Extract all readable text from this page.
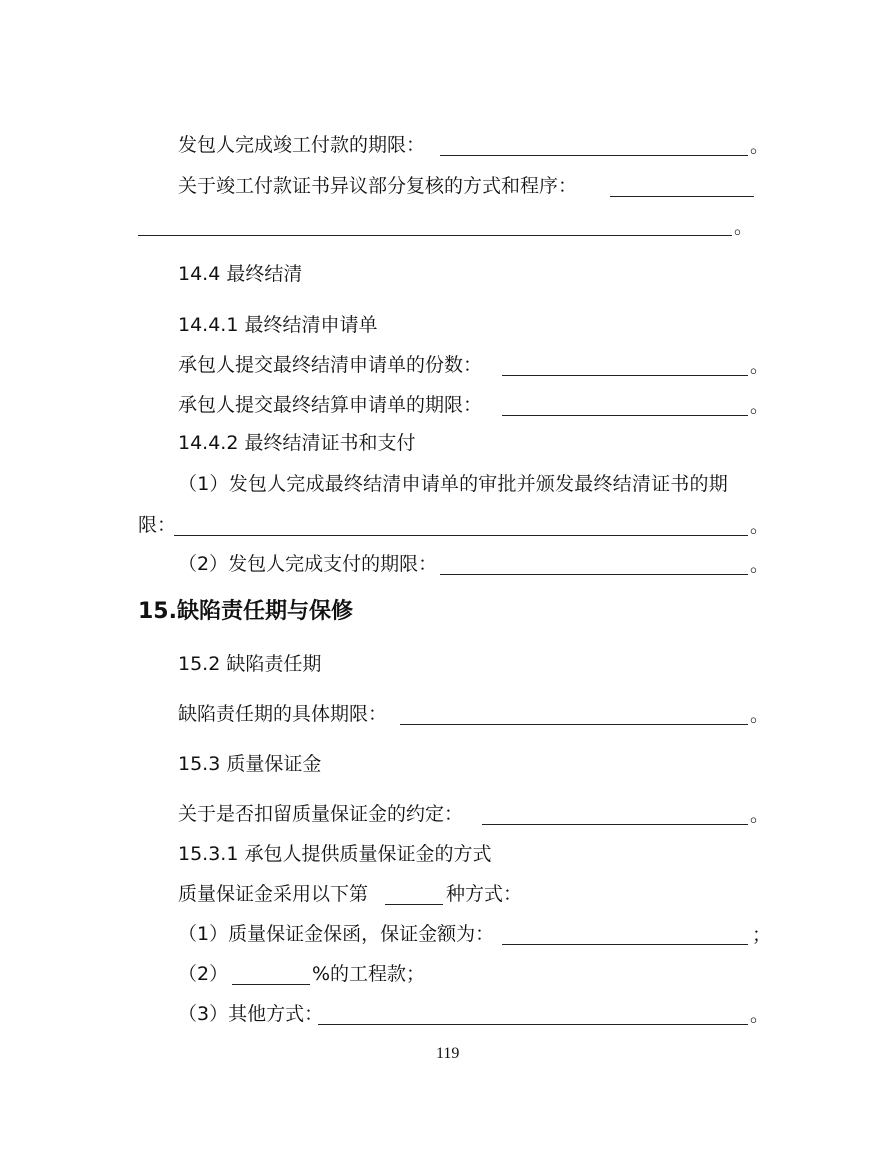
发包人完成竣工付款的期限：	。
关于竣工付款证书异议部分复核的方式和程序：
。
14.4 最终结清
14.4.1 最终结清申请单
承包人提交最终结清申请单的份数：	。
承包人提交最终结算申请单的期限：	。
14.4.2 最终结清证书和支付
（1）发包人完成最终结清申请单的审批并颁发最终结清证书的期
限：	。
（2）发包人完成支付的期限：	。
15.缺陷责任期与保修
15.2 缺陷责任期
缺陷责任期的具体期限：	。
15.3 质量保证金
关于是否扣留质量保证金的约定：	。
15.3.1 承包人提供质量保证金的方式
质量保证金采用以下第	种方式：
（1）质量保证金保函，保证金额为：	；
（2）	%的工程款；
（3）其他方式：	。
119
